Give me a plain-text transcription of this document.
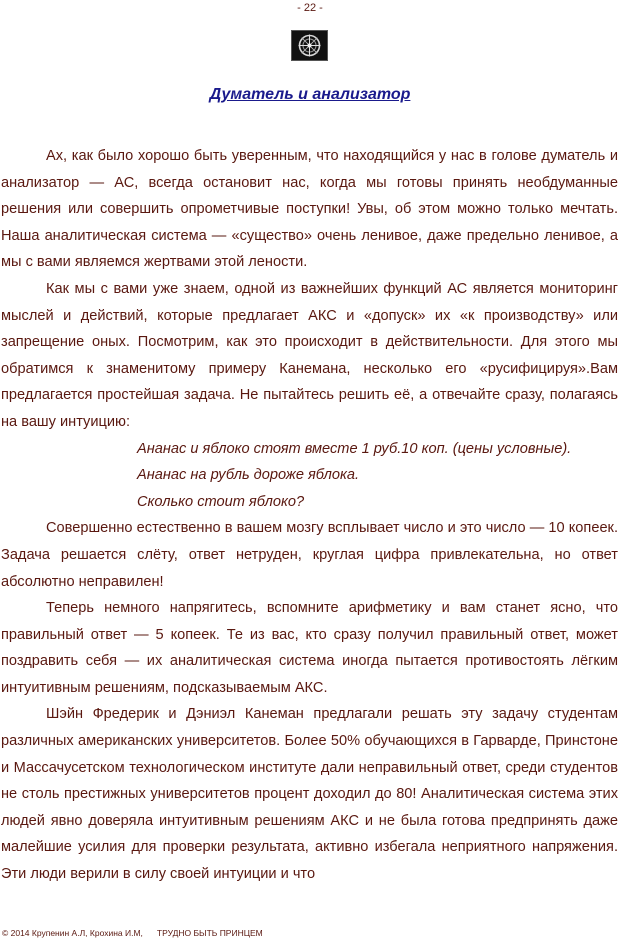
- 22 -
Думатель и анализатор

Ах, как было хорошо быть уверенным, что находящийся у нас в голове думатель и анализатор — АС, всегда остановит нас, когда мы готовы принять необдуманные решения или совершить опрометчивые поступки! Увы, об этом можно только мечтать. Наша аналитическая система — «существо» очень ленивое, даже предельно ленивое, а мы с вами являемся жертвами этой лености.

Как мы с вами уже знаем, одной из важнейших функций АС является мониторинг мыслей и действий, которые предлагает АКС и «допуск» их «к производству» или запрещение оных. Посмотрим, как это происходит в действительности. Для этого мы обратимся к знаменитому примеру Канемана, несколько его «русифицируя».Вам предлагается простейшая задача. Не пытайтесь решить её, а отвечайте сразу, полагаясь на вашу интуицию:

Ананас и яблоко стоят вместе 1 руб.10 коп. (цены условные).

Ананас на рубль дороже яблока.

Сколько стоит яблоко?

Совершенно естественно в вашем мозгу всплывает число и это число — 10 копеек. Задача решается слёту, ответ нетруден, круглая цифра привлекательна, но ответ абсолютно неправилен!

Теперь немного напрягитесь, вспомните арифметику и вам станет ясно, что правильный ответ — 5 копеек. Те из вас, кто сразу получил правильный ответ, может поздравить себя — их аналитическая система иногда пытается противостоять лёгким интуитивным решениям, подсказываемым АКС.

Шэйн Фредерик и Дэниэл Канеман предлагали решать эту задачу студентам различных американских университетов. Более 50% обучающихся в Гарварде, Принстоне и Массачусетском технологическом институте дали неправильный ответ, среди студентов не столь престижных университетов процент доходил до 80! Аналитическая система этих людей явно доверяла интуитивным решениям АКС и не была готова предпринять даже малейшие усилия для проверки результата, активно избегала неприятного напряжения. Эти люди верили в силу своей интуиции и что

© 2014 Крупенин А.Л, Крохина И.М, ТРУДНО БЫТЬ ПРИНЦЕМ
